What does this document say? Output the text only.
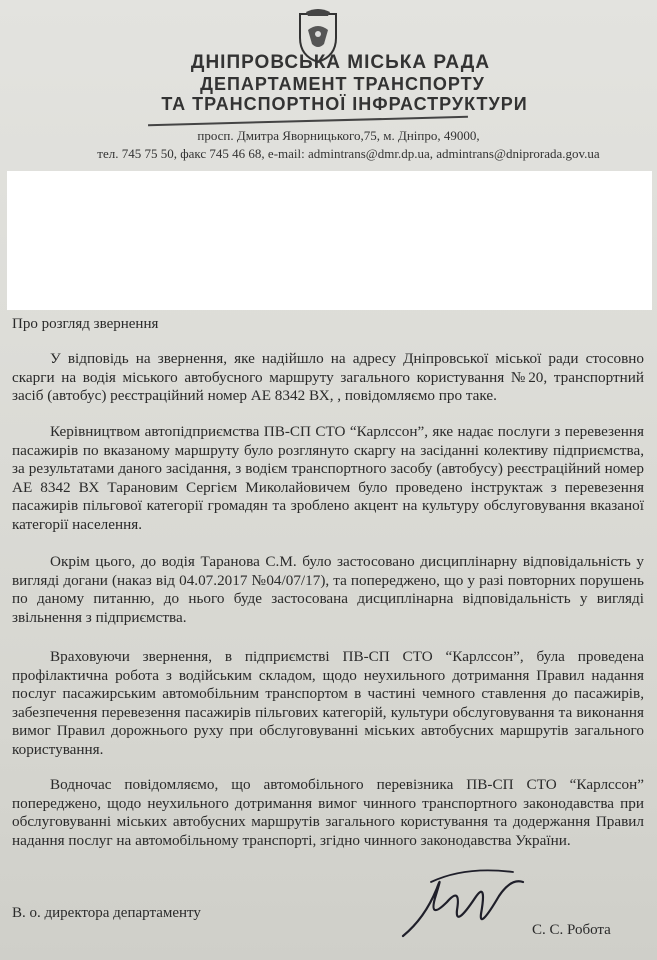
ДНІПРОВСЬКА МІСЬКА РАДА
ДЕПАРТАМЕНТ ТРАНСПОРТУ
ТА ТРАНСПОРТНОЇ ІНФРАСТРУКТУРИ
просп. Дмитра Яворницького,75, м. Дніпро, 49000,
тел. 745 75 50, факс 745 46 68, e-mail: admintrans@dmr.dp.ua, admintrans@dniprorada.gov.ua
Про розгляд звернення

У відповідь на звернення, яке надійшло на адресу Дніпровської міської ради стосовно скарги на водія міського автобусного маршруту загального користування №20, транспортний засіб (автобус) реєстраційний номер АЕ 8342 ВХ, , повідомляємо про таке.

Керівництвом автопідприємства ПВ-СП СТО “Карлссон”, яке надає послуги з перевезення пасажирів по вказаному маршруту було розглянуто скаргу на засіданні колективу підприємства, за результатами даного засідання, з водієм транспортного засобу (автобусу) реєстраційний номер АЕ 8342 ВХ Тарановим Сергієм Миколайовичем було проведено інструктаж з перевезення пасажирів пільгової категорії громадян та зроблено акцент на культуру обслуговування вказаної категорії населення.

Окрім цього, до водія Таранова С.М. було застосовано дисциплінарну відповідальність у вигляді догани (наказ від 04.07.2017 №04/07/17), та попереджено, що у разі повторних порушень по даному питанню, до нього буде застосована дисциплінарна відповідальність у вигляді звільнення з підприємства.

Враховуючи звернення, в підприємстві ПВ-СП СТО “Карлссон”, була проведена профілактична робота з водійським складом, щодо неухильного дотримання Правил надання послуг пасажирським автомобільним транспортом в частині чемного ставлення до пасажирів, забезпечення перевезення пасажирів пільгових категорій, культури обслуговування та виконання вимог Правил дорожнього руху при обслуговуванні міських автобусних маршрутів загального користування.

Водночас повідомляємо, що автомобільного перевізника ПВ-СП СТО “Карлссон” попереджено, щодо неухильного дотримання вимог чинного транспортного законодавства при обслуговуванні міських автобусних маршрутів загального користування та додержання Правил надання послуг на автомобільному транспорті, згідно чинного законодавства України.

В. о. директора департаменту
С. С. Робота
